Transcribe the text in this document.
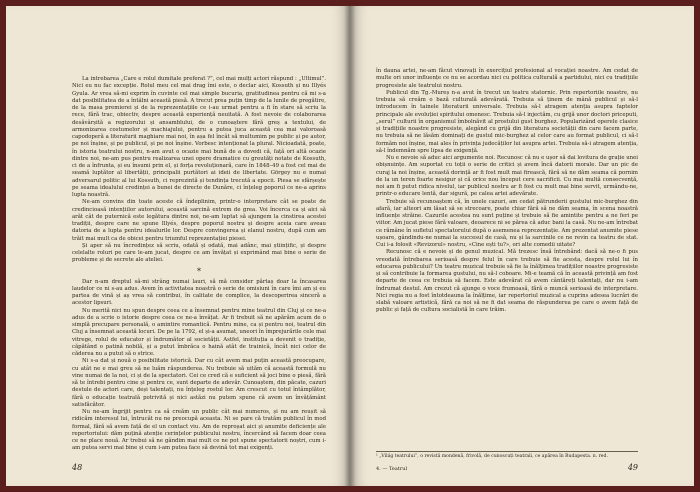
La intrebarea „Care e rolul dumitale preferat ?”, cel mai mulți actori răspund : „Ultimul”. Nici eu nu fac excepție. Rolul meu cel mai drag îmi este, o declar aici, Kossuth și nu Illyés Gyula. Ar vrea să-mi exprim în cuvinte cel mai simple bucuria, gratitudinea pentru că mi s-a dat posibilitatea de a întâlni această piesă. A trecut prea puțin timp de la lunile de pregătire, de la masa premierei și de la reprezentațiile ce i-au urmat pentru a fi în stare să scriu la rece, fără trac, obiectiv, despre această experiență neuitată. A fost nevoie de colaborarea desăvârșită a regizorului și ansamblului, de o cunoaștere fără greș a textului, de armonizarea costumelor și machiajului, pentru a putea juca această cea mai valoroasă capodoperă a literaturii maghiare mai noi, în așa fel încât să multumim pe public și pe autor, pe noi înșine, și pe publicul, și pe noi înșine. Vorbesc intenționat la plural. Nicioadată, poate, în istoria teatrului nostru, n-am avut o ocazie mai bună de a dovedi că, față ori altă ocazie dintre noi, ne-am pus pentru realizarea unei opere dramatice cu greutăți notate de Kossuth, ci de a înfrunta, și eu însumi prin el, și forța revoluționară, care în 1848–49 a fost cel mai de seamă luptător al libertății, principalii purtători ai ideii de libertate. Görgey nu e numai adversarul politic al lui Kossuth, ci reprezintă și tendința trecută a epocii. Piesa se sfârșește pe seama idealului credinței a bunei de directe de Dunăre, ci înțeleg poporul ce ne-a aprins lupta noastră.

Ne-am convins din toate aceste că îndeplinim, printr-o interpretare cât se poate de credincioasă intențiilor autorului, această sarcină extrem de grea. Voi încerca ca și aici să arăt cât de puternică este legătura dintre noi, ne-am luptat să ajungem la cinstirea acestei tradiții, despre care ne spune Illyés, despre poporul nostru și despre aceia care aveau datoria de a lupta pentru idealurile lor. Despre convingerea și elanul nostru, după cum am trăit mai mult ca de obicei pentru triumful reprezentației piesei.

Și aper să nu încredințez să scriu, odată și odată, mai adânc, mai științific, și despre celelalte roluri pe care le-am jucat, despre ce am învățat și exprimând mai bine o serie de probleme și de secrete ale ateliei.

*

Dar n-am dreptul să-mi strâng numai lauri, să mă consider părtaș doar la încasarea laudelor ce ni s-au adus. Avem în activitatea noastră o serie de omisiuni în care îmi am și eu partea de vină și aș vrea să contribui, în calitate de complice, la descoperirea sinceră a acestor lipsuri.

Nu merită nici nu spun despre ceea ce a însemnat pentru mine teatrul din Cluj și ce ne-a adus de a scrie o istorie despre ceea ce ne-a învățat. Ar fi trebuit să ne apărăm acum de o simplă precupare personală, o amintire romantică. Pentru mine, ca și pentru noi, teatrul din Cluj a însemnat această locuri. De pe la 1792, el și-a asumat, uneori în împrejurările cele mai vitrege, rolul de educator și îndrumător al societății. Astfel, instituția a devenit o tradiție, căpătând o patină nobilă, și a putut îmbrăca o haină atât de trainică, încât nici celor de căderea nu a putut să o strice.

Ni s-a dat și nouă o posibilitate istorică. Dar cu cât avem mai puțin această preocupare, cu atât ne e mai greu să ne luăm răspunderea. Nu trebuie să uităm că această formulă nu vine numai de la noi, ci și de la spectatori. Cei ce cred că e suficient să joci bine o piesă, fără să te întrebi pentru cine și pentru ce, sunt departe de adevăr. Cunoaștem, din păcate, cazuri destule de actori care, deși talentați, nu înțeleg rostul lor. Am crescut cu totul întâmplător, fără o educație teatrală potrivită și nici astăzi nu putem spune că avem un învățământ satisfăcător.

Nu ne-am îngrijit pentru ca să creăm un public cât mai numeros, și nu am reușit să ridicăm interesul lui, întrucât nu ne preocupă aceasta. Ni se pare că tratăm publicul în mod formal, fără să avem față de el un contact viu. Am de reproșat aici și anumite deficiențe ale repertoriului: dăm puțină atenție cerințelor publicului nostru, încercând să facem doar ceea ce ne place nouă. Ar trebui să ne gândim mai mult ce ne pot spune spectatorii noștri, cum i-am putea servi mai bine și cum i-am putea face să devină tot mai exigenți.

48

în dauna artei, ne-am făcut vinovați în exercițiul profesional al vocației noastre. Am cedat de multe ori unor influențe ce nu se acordau nici cu politica culturală a partidului, nici cu tradițiile progresiste ale teatrului nostru.

Publicul din Tg.-Mureș n-a avut în trecut un teatru statornic. Prin repertoriile noastre, nu trebuia să creăm o bază culturală adevărată. Trebuia să ținem de mână publicul și să-l introducem în tainele literaturii universale. Trebuia să-l atragem atenția asupra faptelor principale ale evoluției spiritului omenesc. Trebuia să-l injectăm, cu grijă unor doctori priceputi, „serul” culturii în organismul îmbolnăvit al prostului gust burghez. Popularizând operele clasice și tradițiile noastre progresiste, alegând cu grijă din literatura societății din care facem parte, nu trebuia să ne lăsăm dominați de gustul mic-burghez al celor care au format publicul, ci să-l formăm noi înșine, mai ales în privința judecăților lui asupra artei. Trebuia să-i atragem atenția, să-l îndemnăm spre lipsa de exigență.

Nu e nevoie să aduc aici argumente noi. Recunosc că nu e ușor să dai lovitura de grație unei obișnuințe. Am suportat cu toții o serie de critici și avem încă datorii morale. Dar un pic de curaj la noi înșine, această dorință ar fi fost mult mai firească, fără să ne dăm seama că pornim de la un teren foarte nesigur și că orice nou început cere sacrificii. Cu mai multă consecvență, noi am fi putut ridica nivelul, iar publicul nostru ar fi fost cu mult mai bine servit, urmându-ne, printr-o educare lentă, dar sigură, pe calea artei adevărate.

Trebuie să recunoaștem că, în unele cazuri, am cedat pătrunderii gustului mic-burghez din afară, iar alteori am lăsat să se strecoare, poate chiar fără să ne dăm seama, în scena noastră influențe străine. Cazurile acestea nu sunt puține și trebuie să fie amintite pentru a ne feri pe viitor. Am jucat piese fără valoare, deoarece ni se părea că aduc bani la casă. Nu ne-am întrebat ce rămâne în sufletul spectatorului după o asemenea reprezentație. Am prezentat anumite piese ușoare, gândindu-ne numai la succesul de casă, nu și la sarcinile ce ne revin ca teatru de stat. Cui i-a folosit «Revizorul» nostru, «Cine ești tu?», ori alte comedii uitate?

Recunosc că e nevoie și de genul muzical. Mă trezesc însă întrebând: dacă să ne-o fi pus vreodată întrebarea serioasă despre felul în care trebuie să fie acesta, despre rolul lui în educarea publicului? Un teatru muzical trebuie să fie la înălțimea tradițiilor noastre progresiste și să contribuie la formarea gustului, nu să-l coboare. Mi-e teamă că în această privință am fost departe de ceea ce trebuia să facem. Este adevărat că avem cântăreți talentați, dar nu i-am îndrumat destul. Am crezut că ajunge o voce frumoasă, fără o muncă serioasă de interpretare. Nici regia nu a fost întotdeauna la înălțime, iar repertoriul muzical a cuprins adesea lucrări de slabă valoare artistică, fără ca noi să ne fi dat seama de răspunderea pe care o avem față de public și față de cultura socialistă în care trăim.

¹ „Világ teatrului”, o revistă mondenă, frivolă, de cunoscuți teatrali, ce apărea în Budapesta. n. red.
4. — Teatrul	49
